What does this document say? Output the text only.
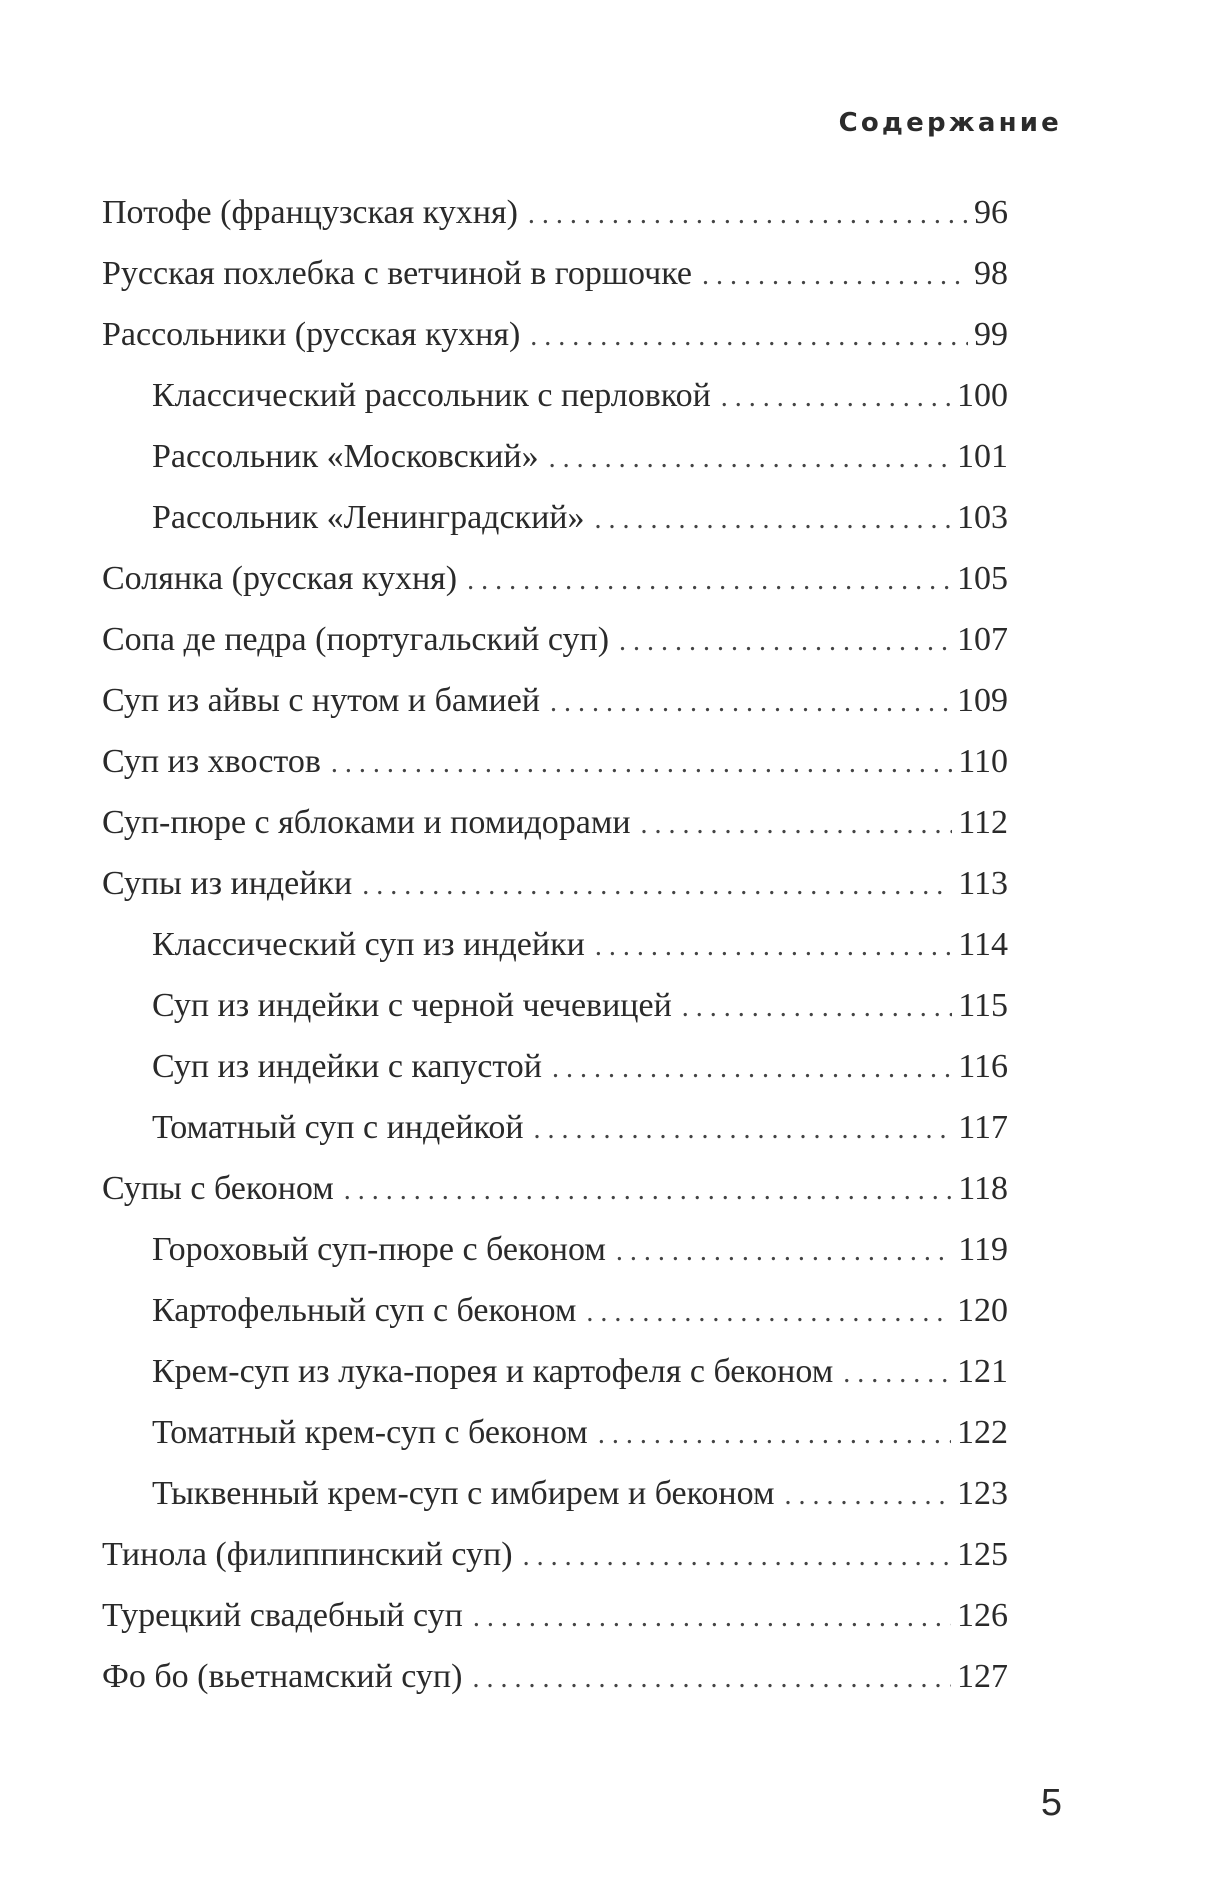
Содержание
Потофе (французская кухня) . . .	96
Русская похлебка с ветчиной в горшочке . . .	98
Рассольники (русская кухня) . . .	99
Классический рассольник с перловкой . . .	100
Рассольник «Московский» . . .	101
Рассольник «Ленинградский» . . .	103
Солянка (русская кухня) . . .	105
Сопа де педра (португальский суп) . . .	107
Суп из айвы с нутом и бамией . . .	109
Суп из хвостов . . .	110
Суп-пюре с яблоками и помидорами . . .	112
Супы из индейки . . .	113
Классический суп из индейки . . .	114
Суп из индейки с черной чечевицей . . .	115
Суп из индейки с капустой . . .	116
Томатный суп с индейкой . . .	117
Супы с беконом . . .	118
Гороховый суп-пюре с беконом . . .	119
Картофельный суп с беконом . . .	120
Крем-суп из лука-порея и картофеля с беконом . . .	121
Томатный крем-суп с беконом . . .	122
Тыквенный крем-суп с имбирем и беконом . . .	123
Тинола (филиппинский суп) . . .	125
Турецкий свадебный суп . . .	126
Фо бо (вьетнамский суп) . . .	127
5
